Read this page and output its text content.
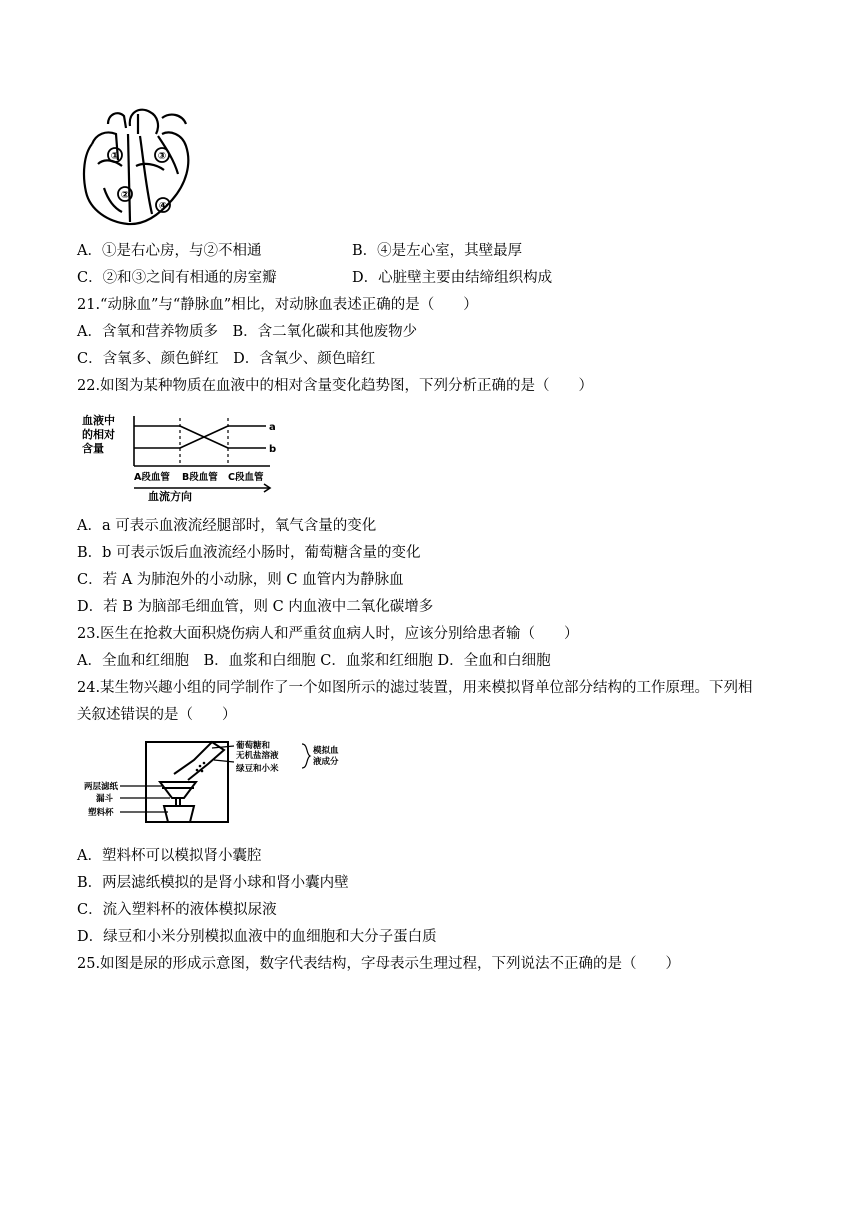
①	③
②
④
A．①是右心房，与②不相通	B．④是左心室，其壁最厚
C．②和③之间有相通的房室瓣	D．心脏壁主要由结缔组织构成
21.“动脉血”与“静脉血”相比，对动脉血表述正确的是（　　）
A．含氧和营养物质多　B．含二氧化碳和其他废物少
C．含氧多、颜色鲜红　D．含氧少、颜色暗红
22.如图为某种物质在血液中的相对含量变化趋势图，下列分析正确的是（　　）
血液中
的相对
含量
a
b
A段血管 B段血管 C段血管
血流方向
A．a 可表示血液流经腿部时，氧气含量的变化
B．b 可表示饭后血液流经小肠时，葡萄糖含量的变化
C．若 A 为肺泡外的小动脉，则 C 血管内为静脉血
D．若 B 为脑部毛细血管，则 C 内血液中二氧化碳增多
23.医生在抢救大面积烧伤病人和严重贫血病人时，应该分别给患者输（　　）
A．全血和红细胞　B．血浆和白细胞 C．血浆和红细胞 D．全血和白细胞
24.某生物兴趣小组的同学制作了一个如图所示的滤过装置，用来模拟肾单位部分结构的工作原理。下列相
关叙述错误的是（　　）
葡萄糖和
无机盐溶液
绿豆和小米
模拟血
液成分
两层滤纸
漏斗
塑料杯
A．塑料杯可以模拟肾小囊腔
B．两层滤纸模拟的是肾小球和肾小囊内壁
C．流入塑料杯的液体模拟尿液
D．绿豆和小米分别模拟血液中的血细胞和大分子蛋白质
25.如图是尿的形成示意图，数字代表结构，字母表示生理过程，下列说法不正确的是（　　）
